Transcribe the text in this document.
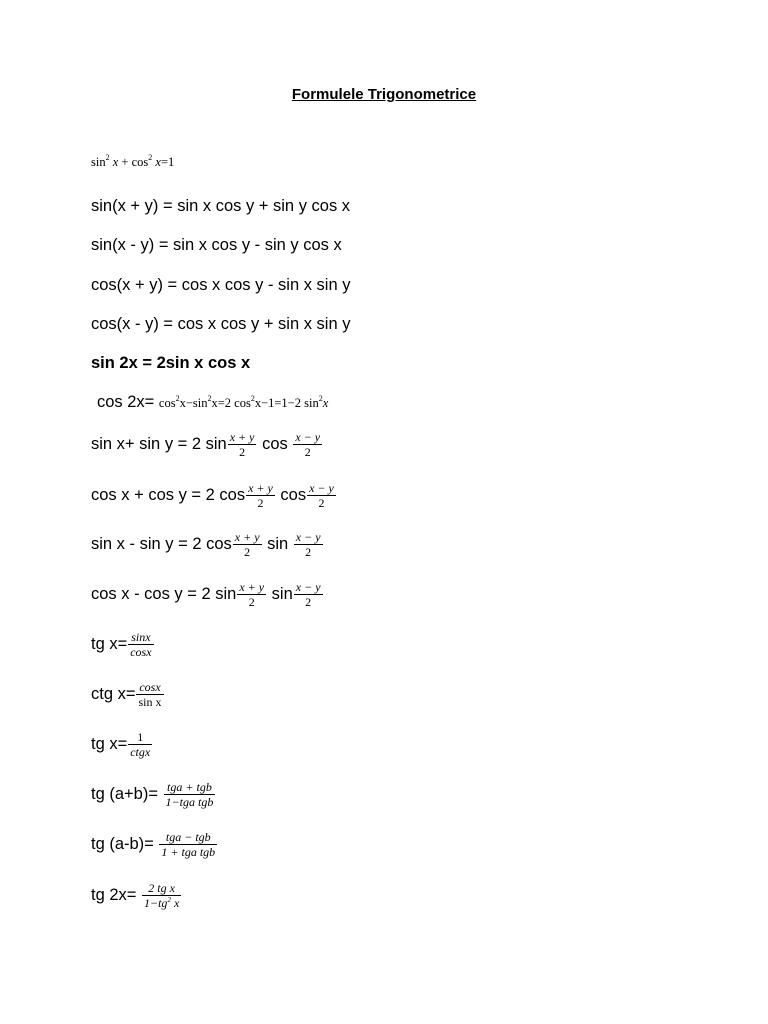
Formulele Trigonometrice
$\sin^2 x + \cos^2 x=1$
sin(x + y) = sin x cos y + sin y cos x
sin(x - y) = sin x cos y - sin y cos x
cos(x + y) = cos x cos y - sin x sin y
cos(x - y) = cos x cos y + sin x sin y
sin 2x = 2sin x cos x
$\cos 2x= \cos^2x-\sin^2x=2$ $\cos^2x-1=1-2$ $\sin^2x$
sin x+ sin y = 2 $\sin \frac{x + y}{2}$ $\cos \frac{x - y}{2}$
cos x + cos y = 2 $\cos \frac{x + y}{2}$ $\cos \frac{x - y}{2}$
sin x - sin y = 2 $\cos \frac{x + y}{2}$ $\sin \frac{x - y}{2}$
cos x - cos y = 2 $\sin \frac{x + y}{2}$ $\sin \frac{x - y}{2}$
tg $x= \frac{\sin x}{\cos x}$
ctg $x= \frac{\cos x}{\text{sin x}}$
tg $x= \frac{1}{\text{ctgx}}$
tg $(a+b)= \frac{\text{tga + tgb}}{\text{1−tga tgb}}$
tg $(a-b)= \frac{\text{tga − tgb}}{\text{1 + tga tgb}}$
tg $2x= \frac{\text{2 tg x}}{1-tg^2 x}$
